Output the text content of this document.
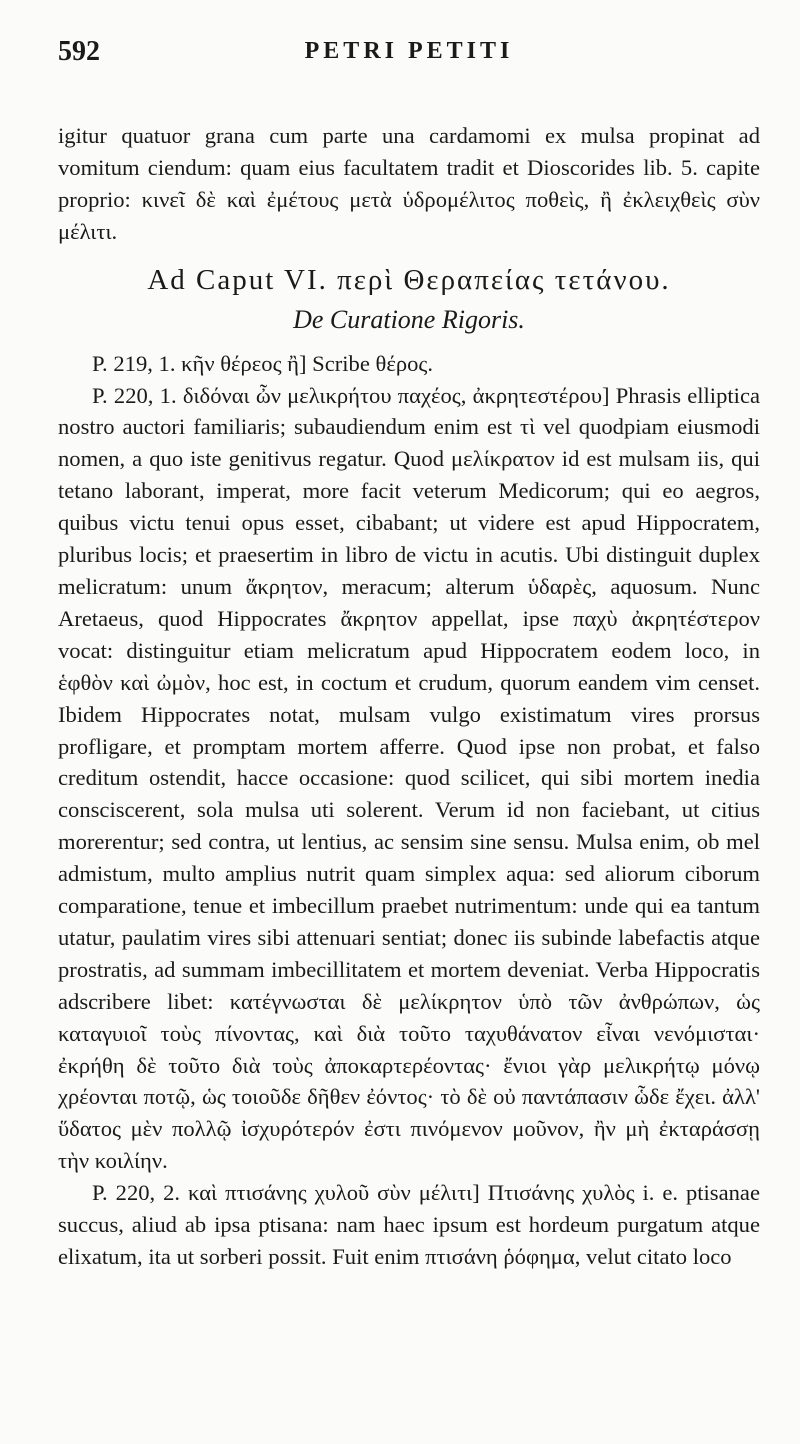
592	PETRI PETITI

igitur quatuor grana cum parte una cardamomi ex mulsa propinat ad vomitum ciendum: quam eius facultatem tradit et Dioscorides lib. 5. capite proprio: κινεῖ δὲ καὶ ἐμέτους μετὰ ὑδρομέλιτος ποθεὶς, ἢ ἐκλειχθεὶς σὺν μέλιτι.

Ad Caput VI. περὶ Θεραπείας τετάνου.
De Curatione Rigoris.

P. 219, 1. κῆν θέρεος ἢ] Scribe θέρος.

P. 220, 1. διδόναι ὦν μελικρήτου παχέος, ἀκρητεστέρου] Phrasis elliptica nostro auctori familiaris; subaudiendum enim est τὶ vel quodpiam eiusmodi nomen, a quo iste genitivus regatur. Quod μελίκρατον id est mulsam iis, qui tetano laborant, imperat, more facit veterum Medicorum; qui eo aegros, quibus victu tenui opus esset, cibabant; ut videre est apud Hippocratem, pluribus locis; et praesertim in libro de victu in acutis. Ubi distinguit duplex melicratum: unum ἄκρητον, meracum; alterum ὑδαρὲς, aquosum. Nunc Aretaeus, quod Hippocrates ἄκρητον appellat, ipse παχὺ ἀκρητέστερον vocat: distinguitur etiam melicratum apud Hippocratem eodem loco, in ἑφθὸν καὶ ὠμὸν, hoc est, in coctum et crudum, quorum eandem vim censet. Ibidem Hippocrates notat, mulsam vulgo existimatum vires prorsus profligare, et promptam mortem afferre. Quod ipse non probat, et falso creditum ostendit, hacce occasione: quod scilicet, qui sibi mortem inedia consciscerent, sola mulsa uti solerent. Verum id non faciebant, ut citius morerentur; sed contra, ut lentius, ac sensim sine sensu. Mulsa enim, ob mel admistum, multo amplius nutrit quam simplex aqua: sed aliorum ciborum comparatione, tenue et imbecillum praebet nutrimentum: unde qui ea tantum utatur, paulatim vires sibi attenuari sentiat; donec iis subinde labefactis atque prostratis, ad summam imbecillitatem et mortem deveniat. Verba Hippocratis adscribere libet: κατέγνωσται δὲ μελίκρητον ὑπὸ τῶν ἀνθρώπων, ὡς καταγυιοῖ τοὺς πίνοντας, καὶ διὰ τοῦτο ταχυθάνατον εἶναι νενόμισται· ἐκρήθη δὲ τοῦτο διὰ τοὺς ἀποκαρτερέοντας· ἔνιοι γὰρ μελικρήτῳ μόνῳ χρέονται ποτῷ, ὡς τοιοῦδε δῆθεν ἐόντος· τὸ δὲ οὐ παντάπασιν ὧδε ἔχει. ἀλλ' ὕδατος μὲν πολλῷ ἰσχυρότερόν ἐστι πινόμενον μοῦνον, ἢν μὴ ἐκταράσσῃ τὴν κοιλίην.

P. 220, 2. καὶ πτισάνης χυλοῦ σὺν μέλιτι] Πτισάνης χυλὸς i. e. ptisanae succus, aliud ab ipsa ptisana: nam haec ipsum est hordeum purgatum atque elixatum, ita ut sorberi possit. Fuit enim πτισάνη ῥόφημα, velut citato loco
